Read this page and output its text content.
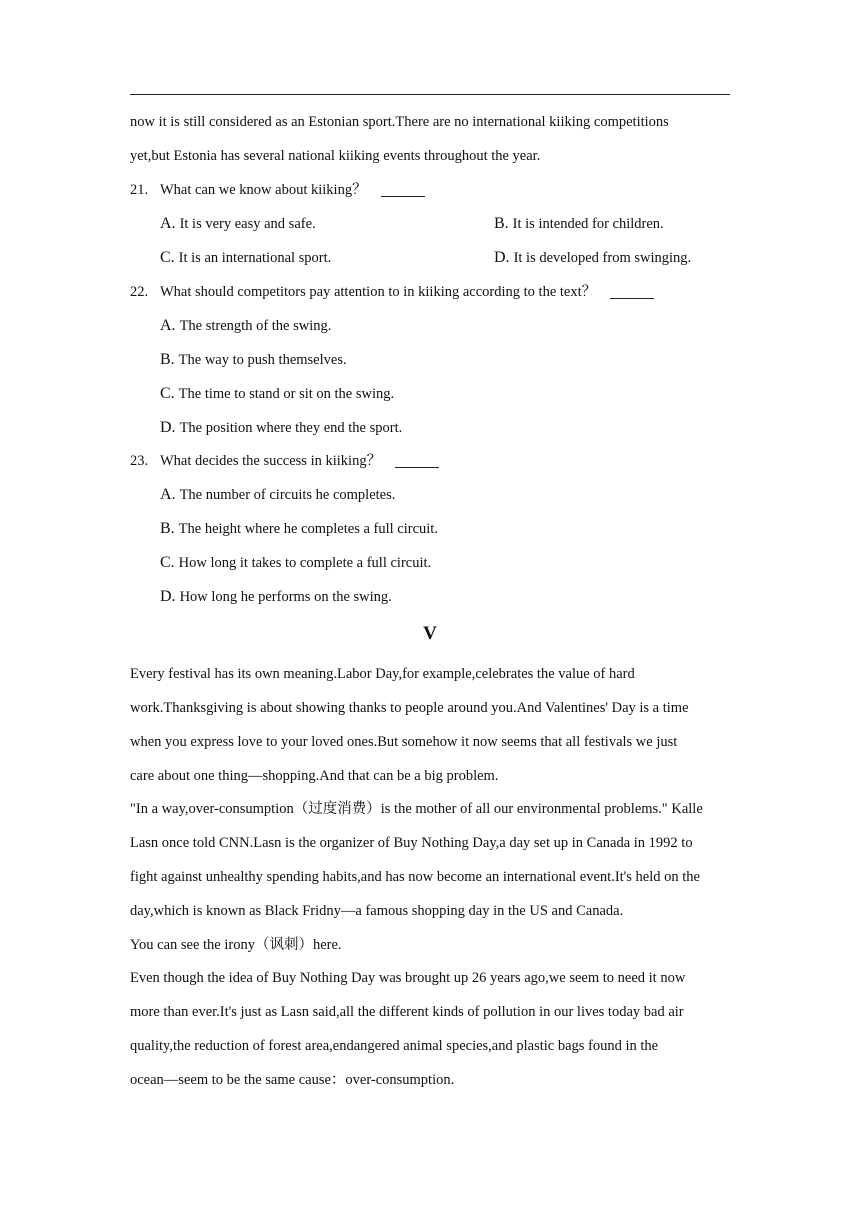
now it is still considered as an Estonian sport.There are no international kiiking competitions
yet,but Estonia has several national kiiking events throughout the year.
21. What can we know about kiiking？
A. It is very easy and safe.	B. It is intended for children.
C. It is an international sport.	D. It is developed from swinging.
22. What should competitors pay attention to in kiiking according to the text？
A. The strength of the swing.
B. The way to push themselves.
C. The time to stand or sit on the swing.
D. The position where they end the sport.
23. What decides the success in kiiking？
A. The number of circuits he completes.
B. The height where he completes a full circuit.
C. How long it takes to complete a full circuit.
D. How long he performs on the swing.
V
Every festival has its own meaning.Labor Day,for example,celebrates the value of hard
work.Thanksgiving is about showing thanks to people around you.And Valentines' Day is a time
when you express love to your loved ones.But somehow it now seems that all festivals we just
care about one thing—shopping.And that can be a big problem.
"In a way,over-consumption（过度消费）is the mother of all our environmental problems." Kalle
Lasn once told CNN.Lasn is the organizer of Buy Nothing Day,a day set up in Canada in 1992 to
fight against unhealthy spending habits,and has now become an international event.It's held on the
day,which is known as Black Fridny—a famous shopping day in the US and Canada.
You can see the irony（讽刺）here.
Even though the idea of Buy Nothing Day was brought up 26 years ago,we seem to need it now
more than ever.It's just as Lasn said,all the different kinds of pollution in our lives today bad air
quality,the reduction of forest area,endangered animal species,and plastic bags found in the
ocean—seem to be the same cause：over-consumption.
